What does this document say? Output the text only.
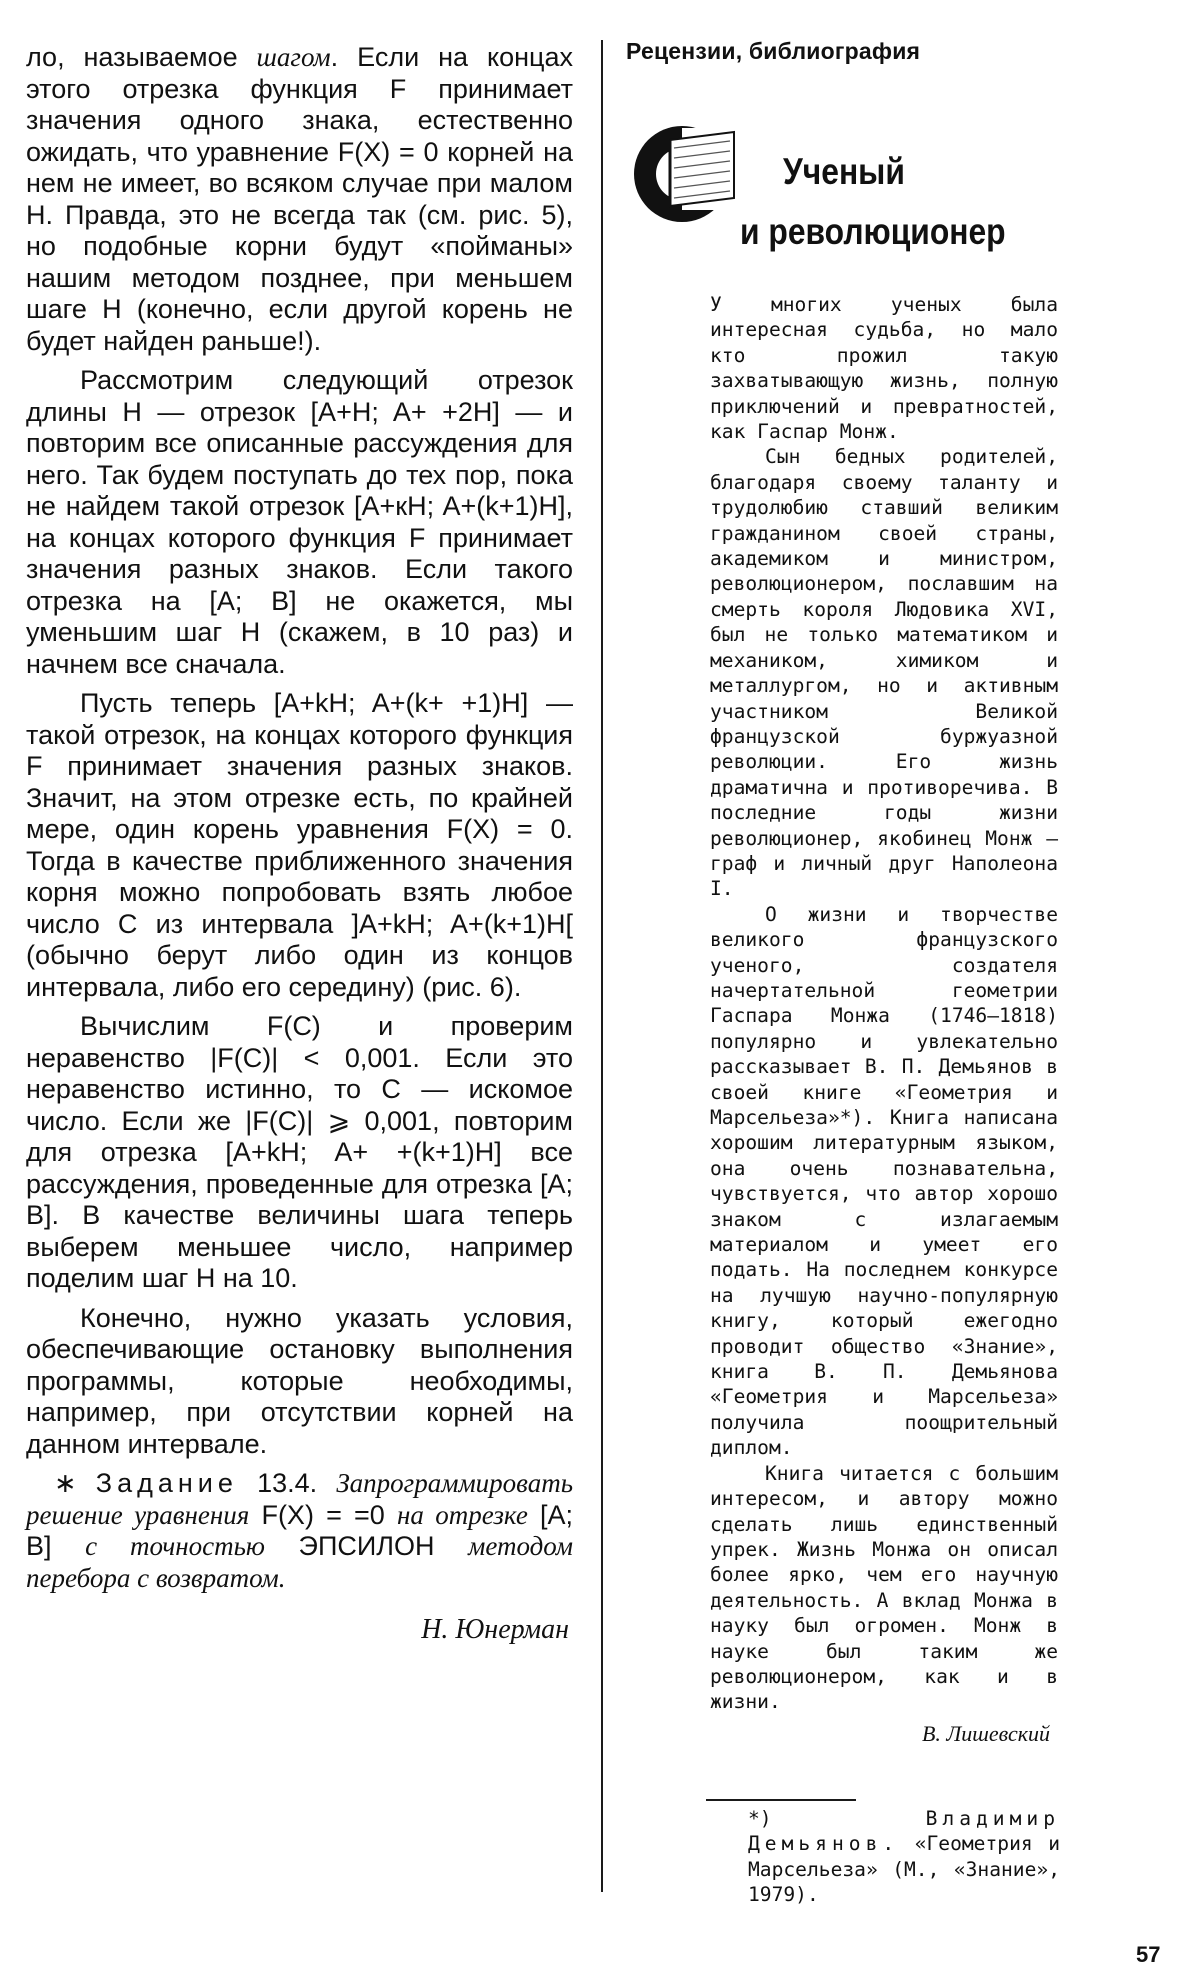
ло, называемое шагом. Если на концах этого отрезка функция F принимает значения одного знака, естественно ожидать, что уравнение F(X) = 0 корней на нем не имеет, во всяком случае при малом H. Правда, это не всегда так (см. рис. 5), но подобные корни будут «пойманы» нашим методом позднее, при меньшем шаге H (конечно, если другой корень не будет найден раньше!).

Рассмотрим следующий отрезок длины H — отрезок [A+H; A+ +2H] — и повторим все описанные рассуждения для него. Так будем поступать до тех пор, пока не найдем такой отрезок [A+кH; A+(k+1)H], на концах которого функция F принимает значения разных знаков. Если такого отрезка на [A; B] не окажется, мы уменьшим шаг H (скажем, в 10 раз) и начнем все сначала.

Пусть теперь [A+kH; A+(k+ +1)H] — такой отрезок, на концах которого функция F принимает значения разных знаков. Значит, на этом отрезке есть, по крайней мере, один корень уравнения F(X) = 0. Тогда в качестве приближенного значения корня можно попробовать взять любое число C из интервала ]A+kH; A+(k+1)H[ (обычно берут либо один из концов интервала, либо его середину) (рис. 6).

Вычислим F(C) и проверим неравенство |F(C)| < 0,001. Если это неравенство истинно, то C — искомое число. Если же |F(C)| ⩾ 0,001, повторим для отрезка [A+kH; A+ +(k+1)H] все рассуждения, проведенные для отрезка [A; B]. В качестве величины шага теперь выберем меньшее число, например поделим шаг H на 10.

Конечно, нужно указать условия, обеспечивающие остановку выполнения программы, которые необходимы, например, при отсутствии корней на данном интервале.

∗ Задание 13.4. Запрограммировать решение уравнения F(X) = =0 на отрезке [A; B] с точностью ЭПСИЛОН методом перебора с возвратом.

Н. Юнерман
Рецензии, библиография
Ученый
и революционер

У многих ученых была интересная судьба, но мало кто прожил такую захватывающую жизнь, полную приключений и превратностей, как Гаспар Монж.

Сын бедных родителей, благодаря своему таланту и трудолюбию ставший великим гражданином своей страны, академиком и министром, революционером, пославшим на смерть короля Людовика XVI, был не только математиком и механиком, химиком и металлургом, но и активным участником Великой французской буржуазной революции. Его жизнь драматична и противоречива. В последние годы жизни революционер, якобинец Монж — граф и личный друг Наполеона I.

О жизни и творчестве великого французского ученого, создателя начертательной геометрии Гаспара Монжа (1746—1818) популярно и увлекательно рассказывает В. П. Демьянов в своей книге «Геометрия и Марсельеза»*). Книга написана хорошим литературным языком, она очень познавательна, чувствуется, что автор хорошо знаком с излагаемым материалом и умеет его подать. На последнем конкурсе на лучшую научно-популярную книгу, который ежегодно проводит общество «Знание», книга В. П. Демьянова «Геометрия и Марсельеза» получила поощрительный диплом.

Книга читается с большим интересом, и автору можно сделать лишь единственный упрек. Жизнь Монжа он описал более ярко, чем его научную деятельность. А вклад Монжа в науку был огромен. Монж в науке был таким же революционером, как и в жизни.

В. Лишевский
*)	Владимир Демьянов. «Геометрия и Марсельеза» (М., «Знание», 1979).
57
